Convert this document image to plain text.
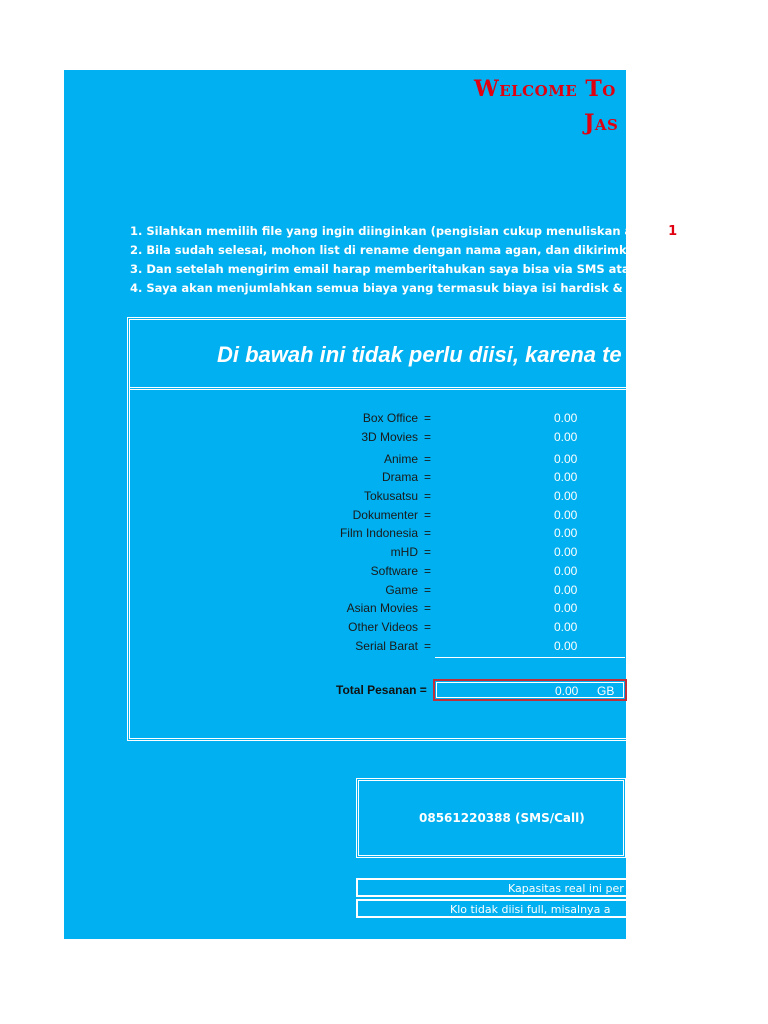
Welcome To
Jas
1. Silahkan memilih file yang ingin diinginkan (pengisian cukup menuliskan angka 1 pa
2. Bila sudah selesai, mohon list di rename dengan nama agan, dan dikirimkan ke ema
3. Dan setelah mengirim email harap memberitahukan saya bisa via SMS atau PM Kask
4. Saya akan menjumlahkan semua biaya yang termasuk biaya isi hardisk & ongkos kir
Di bawah ini tidak perlu diisi, karena te
Box Office =	0.00
3D Movies =	0.00
Anime =	0.00
Drama =	0.00
Tokusatsu =	0.00
Dokumenter =	0.00
Film Indonesia =	0.00
mHD =	0.00
Software =	0.00
Game =	0.00
Asian Movies =	0.00
Other Videos =	0.00
Serial Barat =	0.00
Total Pesanan =	0.00 GB
08561220388 (SMS/Call)
Kapasitas real ini per
Klo tidak diisi full, misalnya a
